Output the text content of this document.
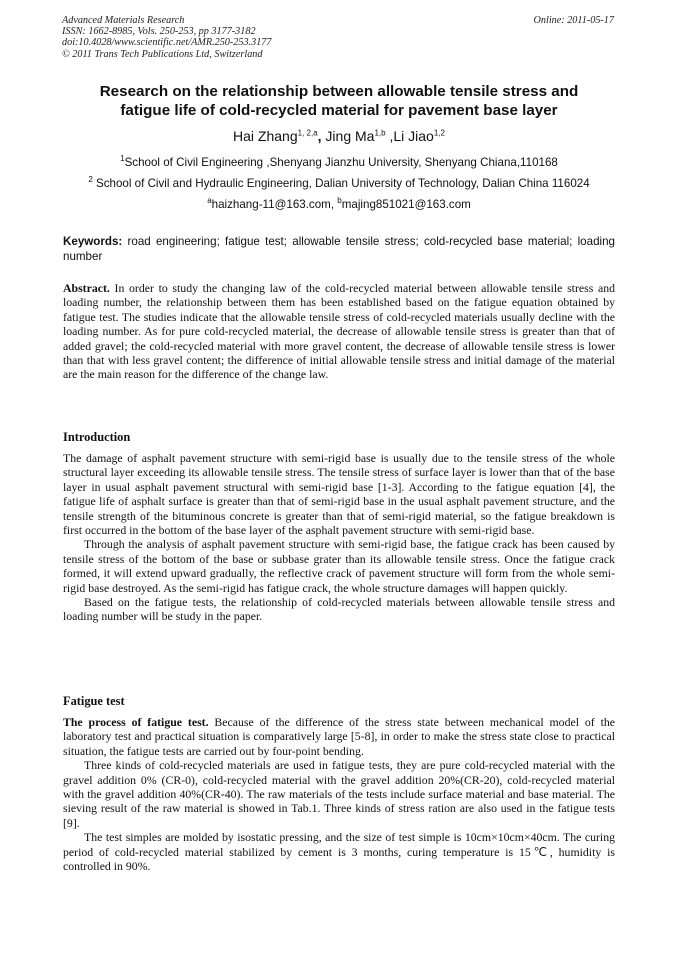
Advanced Materials Research
ISSN: 1662-8985, Vols. 250-253, pp 3177-3182
doi:10.4028/www.scientific.net/AMR.250-253.3177
© 2011 Trans Tech Publications Ltd, Switzerland
Online: 2011-05-17
Research on the relationship between allowable tensile stress and
fatigue life of cold-recycled material for pavement base layer
Hai Zhang$^{1, 2,a}$, Jing Ma$^{1,b}$ ,Li Jiao$^{1,2}$
$^1$School of Civil Engineering ,Shenyang Jianzhu University, Shenyang Chiana,110168
$^2$ School of Civil and Hydraulic Engineering, Dalian University of Technology, Dalian China 116024
$^a$haizhang-11@163.com, $^b$majing851021@163.com
Keywords: road engineering; fatigue test; allowable tensile stress; cold-recycled base material; loading number

Abstract. In order to study the changing law of the cold-recycled material between allowable tensile stress and loading number, the relationship between them has been established based on the fatigue equation obtained by fatigue test. The studies indicate that the allowable tensile stress of cold-recycled materials usually decline with the loading number. As for pure cold-recycled material, the decrease of allowable tensile stress is greater than that of added gravel; the cold-recycled material with more gravel content, the decrease of allowable tensile stress is lower than that with less gravel content; the difference of initial allowable tensile stress and initial damage of the material are the main reason for the difference of the change law.

Introduction

The damage of asphalt pavement structure with semi-rigid base is usually due to the tensile stress of the whole structural layer exceeding its allowable tensile stress. The tensile stress of surface layer is lower than that of the base layer in usual asphalt pavement structural with semi-rigid base [1-3]. According to the fatigue equation [4], the fatigue life of asphalt surface is greater than that of semi-rigid base in the usual asphalt pavement structure, and the tensile strength of the bituminous concrete is greater than that of semi-rigid material, so the fatigue breakdown is first occurred in the bottom of the base layer of the asphalt pavement structure with semi-rigid base.

Through the analysis of asphalt pavement structure with semi-rigid base, the fatigue crack has been caused by tensile stress of the bottom of the base or subbase grater than its allowable tensile stress. Once the fatigue crack formed, it will extend upward gradually, the reflective crack of pavement structure will form from the whole semi-rigid base destroyed. As the semi-rigid has fatigue crack, the whole structure damages will happen quickly.

Based on the fatigue tests, the relationship of cold-recycled materials between allowable tensile stress and loading number will be study in the paper.

Fatigue test

The process of fatigue test. Because of the difference of the stress state between mechanical model of the laboratory test and practical situation is comparatively large [5-8], in order to make the stress state close to practical situation, the fatigue tests are carried out by four-point bending.

Three kinds of cold-recycled materials are used in fatigue tests, they are pure cold-recycled material with the gravel addition 0% (CR-0), cold-recycled material with the gravel addition 20%(CR-20), cold-recycled material with the gravel addition 40%(CR-40). The raw materials of the tests include surface material and base material. The sieving result of the raw material is showed in Tab.1. Three kinds of stress ration are also used in the fatigue tests [9].

The test simples are molded by isostatic pressing, and the size of test simple is 10cm×10cm×40cm. The curing period of cold-recycled material stabilized by cement is 3 months, curing temperature is 15℃, humidity is controlled in 90%.
